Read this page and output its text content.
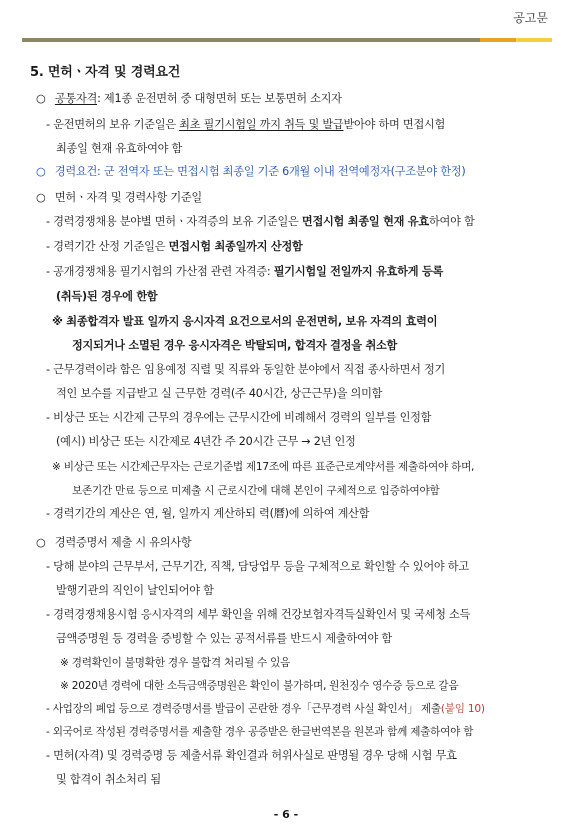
공고문
5. 면허ㆍ자격 및 경력요건
○ 공통자격: 제1종 운전면허 중 대형면허 또는 보통면허 소지자
- 운전면허의 보유 기준일은 최초 필기시험일 까지 취득 및 발급받아야 하며 면접시험
최종일 현재 유효하여야 함
○ 경력요건: 군 전역자 또는 면접시험 최종일 기준 6개월 이내 전역예정자(구조분야 한정)
○ 면허ㆍ자격 및 경력사항 기준일
- 경력경쟁채용 분야별 면허ㆍ자격증의 보유 기준일은 면접시험 최종일 현재 유효하여야 함
- 경력기간 산정 기준일은 면접시험 최종일까지 산정함
- 공개경쟁채용 필기시험의 가산점 관련 자격증: 필기시험일 전일까지 유효하게 등록
(취득)된 경우에 한함
※ 최종합격자 발표 일까지 응시자격 요건으로서의 운전면허, 보유 자격의 효력이
정지되거나 소멸된 경우 응시자격은 박탈되며, 합격자 결정을 취소함
- 근무경력이라 함은 임용예정 직렬 및 직류와 동일한 분야에서 직접 종사하면서 정기
적인 보수를 지급받고 실 근무한 경력(주 40시간, 상근근무)을 의미함
- 비상근 또는 시간제 근무의 경우에는 근무시간에 비례해서 경력의 일부를 인정함
(예시) 비상근 또는 시간제로 4년간 주 20시간 근무 → 2년 인정
※ 비상근 또는 시간제근무자는 근로기준법 제17조에 따른 표준근로계약서를 제출하여야 하며,
보존기간 만료 등으로 미제출 시 근로시간에 대해 본인이 구체적으로 입증하여야함
- 경력기간의 계산은 연, 월, 일까지 계산하되 력(曆)에 의하여 계산함
○ 경력증명서 제출 시 유의사항
- 당해 분야의 근무부서, 근무기간, 직책, 담당업무 등을 구체적으로 확인할 수 있어야 하고
발행기관의 직인이 날인되어야 함
- 경력경쟁채용시험 응시자격의 세부 확인을 위해 건강보험자격득실확인서 및 국세청 소득
금액증명원 등 경력을 증빙할 수 있는 공적서류를 반드시 제출하여야 함
※ 경력확인이 불명확한 경우 불합격 처리될 수 있음
※ 2020년 경력에 대한 소득금액증명원은 확인이 불가하며, 원천징수 영수증 등으로 갈음
- 사업장의 폐업 등으로 경력증명서를 발급이 곤란한 경우「근무경력 사실 확인서」 제출(붙임 10)
- 외국어로 작성된 경력증명서를 제출할 경우 공증받은 한글번역본을 원본과 함께 제출하여야 함
- 면허(자격) 및 경력증명 등 제출서류 확인결과 허위사실로 판명될 경우 당해 시험 무효
및 합격이 취소처리 됨
- 6 -
